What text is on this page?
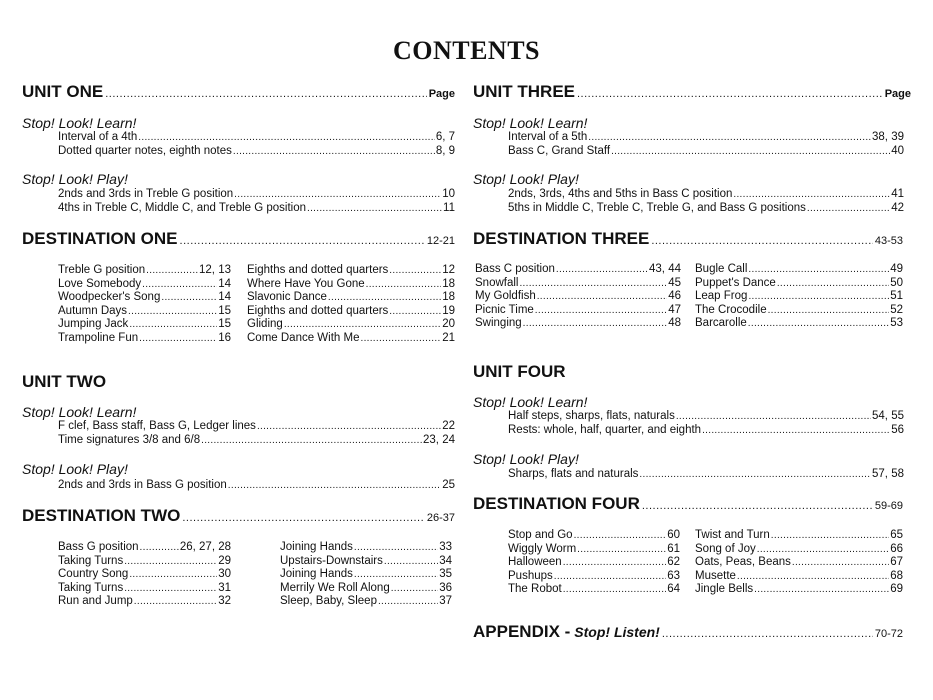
CONTENTS
UNIT ONE .....	Page
Stop! Look! Learn!
Interval of a 4th .....	6, 7
Dotted quarter notes, eighth notes .....	8, 9
Stop! Look! Play!
2nds and 3rds in Treble G position .....	10
4ths in Treble C, Middle C, and Treble G position .....	11
DESTINATION ONE .....	12-21
Treble G position .....	12, 13
Love Somebody .....	14
Woodpecker's Song .....	14
Autumn Days .....	15
Jumping Jack .....	15
Trampoline Fun .....	16
Eighths and dotted quarters .....	12
Where Have You Gone .....	18
Slavonic Dance .....	18
Eighths and dotted quarters .....	19
Gliding .....	20
Come Dance With Me .....	21
UNIT TWO
Stop! Look! Learn!
F clef, Bass staff, Bass G, Ledger lines .....	22
Time signatures 3/8 and 6/8 .....	23, 24
Stop! Look! Play!
2nds and 3rds in Bass G position .....	25
DESTINATION TWO .....	26-37
Bass G position .....	26, 27, 28
Taking Turns .....	29
Country Song .....	30
Taking Turns .....	31
Run and Jump .....	32
Joining Hands .....	33
Upstairs-Downstairs .....	34
Joining Hands .....	35
Merrily We Roll Along .....	36
Sleep, Baby, Sleep .....	37
UNIT THREE .....	Page
Stop! Look! Learn!
Interval of a 5th .....	38, 39
Bass C, Grand Staff .....	40
Stop! Look! Play!
2nds, 3rds, 4ths and 5ths in Bass C position .....	41
5ths in Middle C, Treble C, Treble G, and Bass G positions .....	42
DESTINATION THREE .....	43-53
Bass C position .....	43, 44
Snowfall .....	45
My Goldfish .....	46
Picnic Time .....	47
Swinging .....	48
Bugle Call .....	49
Puppet's Dance .....	50
Leap Frog .....	51
The Crocodile .....	52
Barcarolle .....	53
UNIT FOUR
Stop! Look! Learn!
Half steps, sharps, flats, naturals .....	54, 55
Rests: whole, half, quarter, and eighth .....	56
Stop! Look! Play!
Sharps, flats and naturals .....	57, 58
DESTINATION FOUR .....	59-69
Stop and Go .....	60
Wiggly Worm .....	61
Halloween .....	62
Pushups .....	63
The Robot .....	64
Twist and Turn .....	65
Song of Joy .....	66
Oats, Peas, Beans .....	67
Musette .....	68
Jingle Bells .....	69
APPENDIX - Stop! Listen! .....	70-72
